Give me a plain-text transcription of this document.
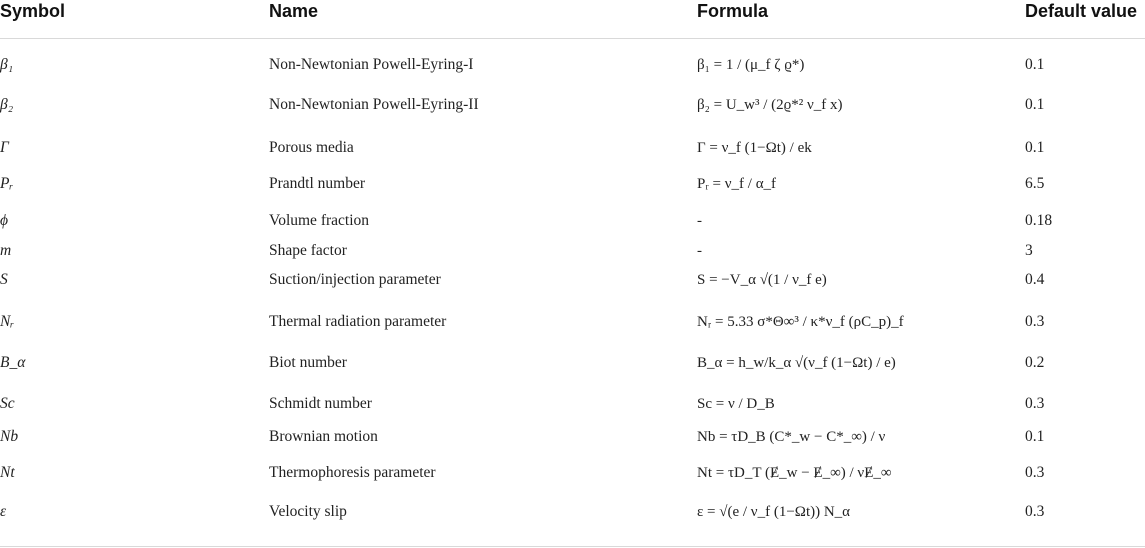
Symbol	Name	Formula	Default value
β₁	Non-Newtonian Powell-Eyring-I	β₁ = 1 / (μ_f ζ ϱ*)	0.1
β₂	Non-Newtonian Powell-Eyring-II	β₂ = U_w³ / (2ϱ*² ν_f x)	0.1
Γ	Porous media	Γ = ν_f (1−Ωt) / ek	0.1
Pᵣ	Prandtl number	Pᵣ = ν_f / α_f	6.5
ϕ	Volume fraction	-	0.18
m	Shape factor	-	3
S	Suction/injection parameter	S = −V_α √(1 / ν_f e)	0.4
Nᵣ	Thermal radiation parameter	Nᵣ = 5.33 σ*Θ∞³ / κ*ν_f (ρC_p)_f	0.3
B_α	Biot number	B_α = h_w/k_α √(ν_f (1−Ωt) / e)	0.2
Sc	Schmidt number	Sc = ν / D_B	0.3
Nb	Brownian motion	Nb = τD_B (C*_w − C*_∞) / ν	0.1
Nt	Thermophoresis parameter	Nt = τD_T (Ɇ_w − Ɇ_∞) / νɆ_∞	0.3
ε	Velocity slip	ε = √(e / ν_f (1−Ωt)) N_α	0.3
